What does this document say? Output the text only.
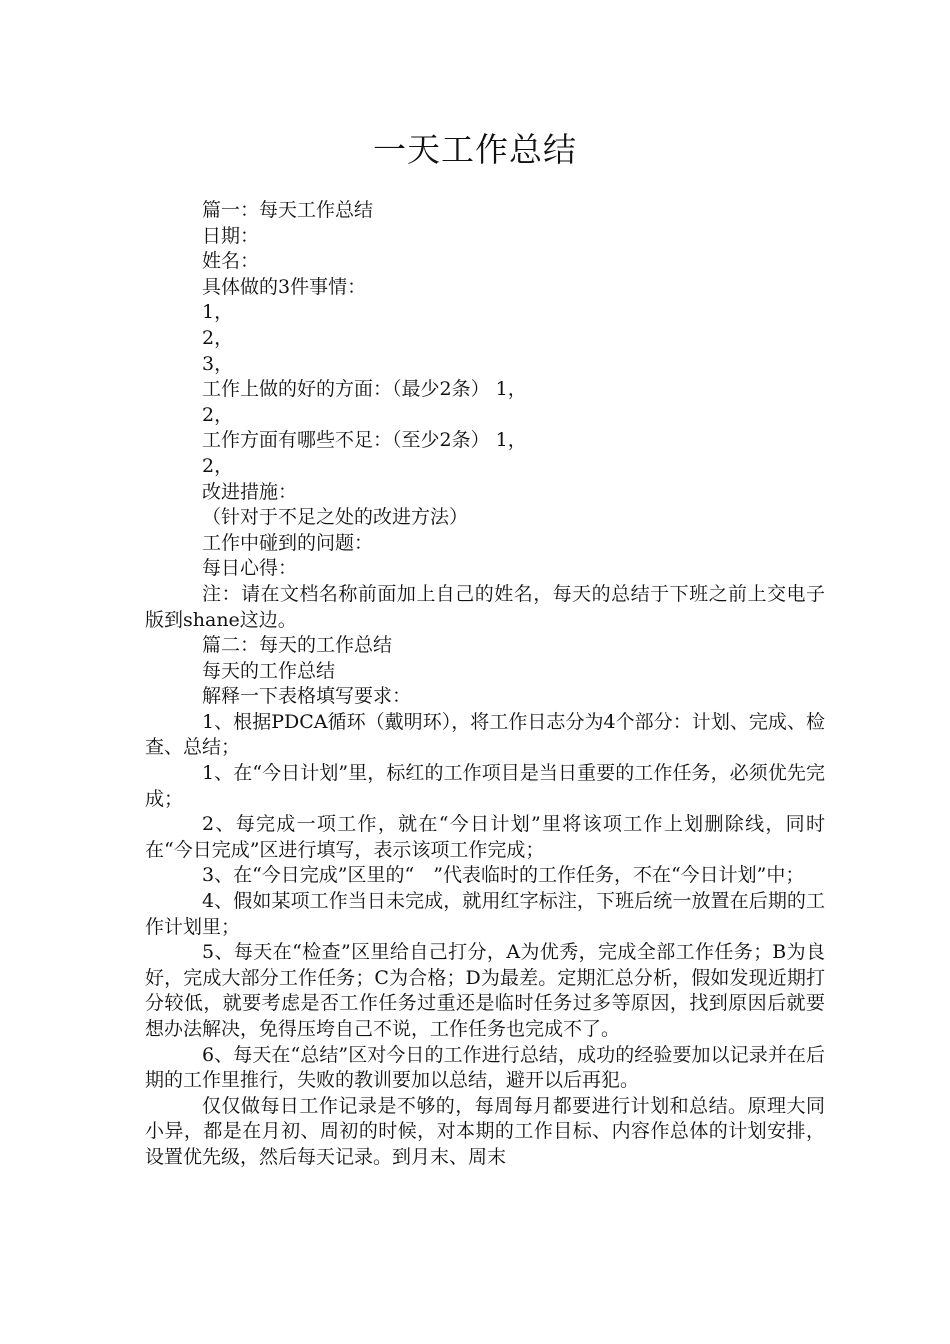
一天工作总结
篇一：每天工作总结
日期：
姓名：
具体做的3件事情：
1，
2，
3，
工作上做的好的方面：（最少2条） 1，
2，
工作方面有哪些不足：（至少2条） 1，
2，
改进措施：
（针对于不足之处的改进方法）
工作中碰到的问题：
每日心得：

注：请在文档名称前面加上自己的姓名，每天的总结于下班之前上交电子版到shane这边。

篇二：每天的工作总结
每天的工作总结
解释一下表格填写要求：

1、根据PDCA循环（戴明环），将工作日志分为4个部分：计划、完成、检查、总结；

1、在“今日计划”里，标红的工作项目是当日重要的工作任务，必须优先完成；

2、每完成一项工作，就在“今日计划”里将该项工作上划删除线，同时在“今日完成”区进行填写，表示该项工作完成；

3、在“今日完成”区里的“　”代表临时的工作任务，不在“今日计划”中；

4、假如某项工作当日未完成，就用红字标注，下班后统一放置在后期的工作计划里；

5、每天在“检查”区里给自己打分，A为优秀，完成全部工作任务；B为良好，完成大部分工作任务；C为合格；D为最差。定期汇总分析，假如发现近期打分较低，就要考虑是否工作任务过重还是临时任务过多等原因，找到原因后就要想办法解决，免得压垮自己不说，工作任务也完成不了。

6、每天在“总结”区对今日的工作进行总结，成功的经验要加以记录并在后期的工作里推行，失败的教训要加以总结，避开以后再犯。

仅仅做每日工作记录是不够的，每周每月都要进行计划和总结。原理大同小异，都是在月初、周初的时候，对本期的工作目标、内容作总体的计划安排，设置优先级，然后每天记录。到月末、周末
